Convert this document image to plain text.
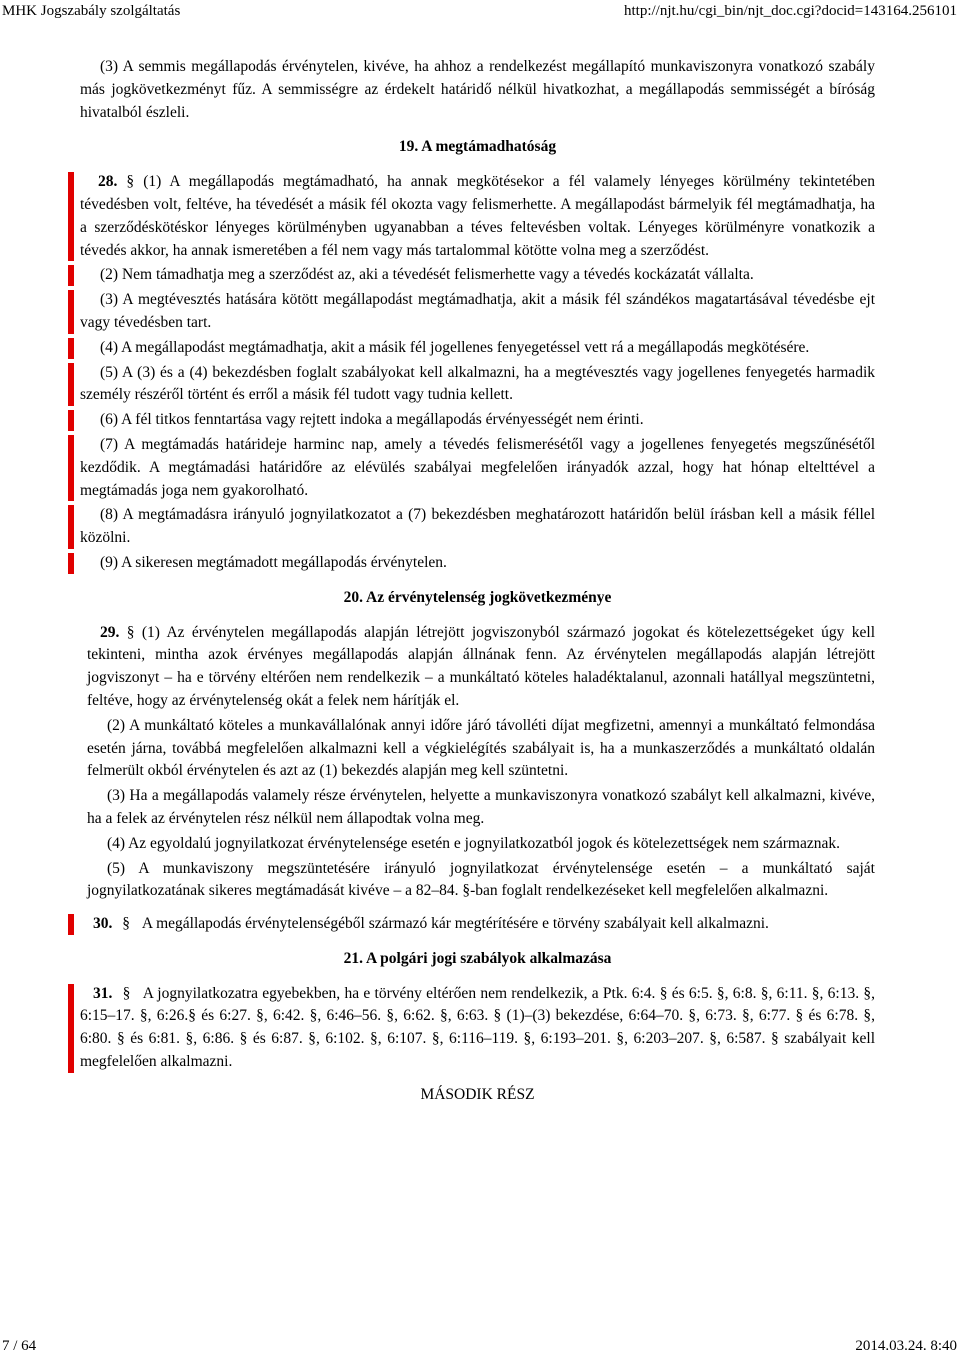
MHK Jogszabály szolgáltatás	http://njt.hu/cgi_bin/njt_doc.cgi?docid=143164.256101

(3) A semmis megállapodás érvénytelen, kivéve, ha ahhoz a rendelkezést megállapító munkaviszonyra vonatkozó szabály más jogkövetkezményt fűz. A semmisségre az érdekelt határidő nélkül hivatkozhat, a megállapodás semmisségét a bíróság hivatalból észleli.

19. A megtámadhatóság

28. § (1) A megállapodás megtámadható, ha annak megkötésekor a fél valamely lényeges körülmény tekintetében tévedésben volt, feltéve, ha tévedését a másik fél okozta vagy felismerhette. A megállapodást bármelyik fél megtámadhatja, ha a szerződéskötéskor lényeges körülményben ugyanabban a téves feltevésben voltak. Lényeges körülményre vonatkozik a tévedés akkor, ha annak ismeretében a fél nem vagy más tartalommal kötötte volna meg a szerződést.

(2) Nem támadhatja meg a szerződést az, aki a tévedését felismerhette vagy a tévedés kockázatát vállalta.

(3) A megtévesztés hatására kötött megállapodást megtámadhatja, akit a másik fél szándékos magatartásával tévedésbe ejt vagy tévedésben tart.

(4) A megállapodást megtámadhatja, akit a másik fél jogellenes fenyegetéssel vett rá a megállapodás megkötésére.

(5) A (3) és a (4) bekezdésben foglalt szabályokat kell alkalmazni, ha a megtévesztés vagy jogellenes fenyegetés harmadik személy részéről történt és erről a másik fél tudott vagy tudnia kellett.

(6) A fél titkos fenntartása vagy rejtett indoka a megállapodás érvényességét nem érinti.

(7) A megtámadás határideje harminc nap, amely a tévedés felismerésétől vagy a jogellenes fenyegetés megszűnésétől kezdődik. A megtámadási határidőre az elévülés szabályai megfelelően irányadók azzal, hogy hat hónap eltelttével a megtámadás joga nem gyakorolható.

(8) A megtámadásra irányuló jognyilatkozatot a (7) bekezdésben meghatározott határidőn belül írásban kell a másik féllel közölni.

(9) A sikeresen megtámadott megállapodás érvénytelen.

20. Az érvénytelenség jogkövetkezménye

29. § (1) Az érvénytelen megállapodás alapján létrejött jogviszonyból származó jogokat és kötelezettségeket úgy kell tekinteni, mintha azok érvényes megállapodás alapján állnának fenn. Az érvénytelen megállapodás alapján létrejött jogviszonyt – ha e törvény eltérően nem rendelkezik – a munkáltató köteles haladéktalanul, azonnali hatállyal megszüntetni, feltéve, hogy az érvénytelenség okát a felek nem hárítják el.

(2) A munkáltató köteles a munkavállalónak annyi időre járó távolléti díjat megfizetni, amennyi a munkáltató felmondása esetén járna, továbbá megfelelően alkalmazni kell a végkielégítés szabályait is, ha a munkaszerződés a munkáltató oldalán felmerült okból érvénytelen és azt az (1) bekezdés alapján meg kell szüntetni.

(3) Ha a megállapodás valamely része érvénytelen, helyette a munkaviszonyra vonatkozó szabályt kell alkalmazni, kivéve, ha a felek az érvénytelen rész nélkül nem állapodtak volna meg.

(4) Az egyoldalú jognyilatkozat érvénytelensége esetén e jognyilatkozatból jogok és kötelezettségek nem származnak.

(5) A munkaviszony megszüntetésére irányuló jognyilatkozat érvénytelensége esetén – a munkáltató saját jognyilatkozatának sikeres megtámadását kivéve – a 82–84. §-ban foglalt rendelkezéseket kell megfelelően alkalmazni.

30. § A megállapodás érvénytelenségéből származó kár megtérítésére e törvény szabályait kell alkalmazni.

21. A polgári jogi szabályok alkalmazása

31. § A jognyilatkozatra egyebekben, ha e törvény eltérően nem rendelkezik, a Ptk. 6:4. § és 6:5. §, 6:8. §, 6:11. §, 6:13. §, 6:15–17. §, 6:26.§ és 6:27. §, 6:42. §, 6:46–56. §, 6:62. §, 6:63. § (1)–(3) bekezdése, 6:64–70. §, 6:73. §, 6:77. § és 6:78. §, 6:80. § és 6:81. §, 6:86. § és 6:87. §, 6:102. §, 6:107. §, 6:116–119. §, 6:193–201. §, 6:203–207. §, 6:587. § szabályait kell megfelelően alkalmazni.

MÁSODIK RÉSZ

7 / 64	2014.03.24. 8:40
